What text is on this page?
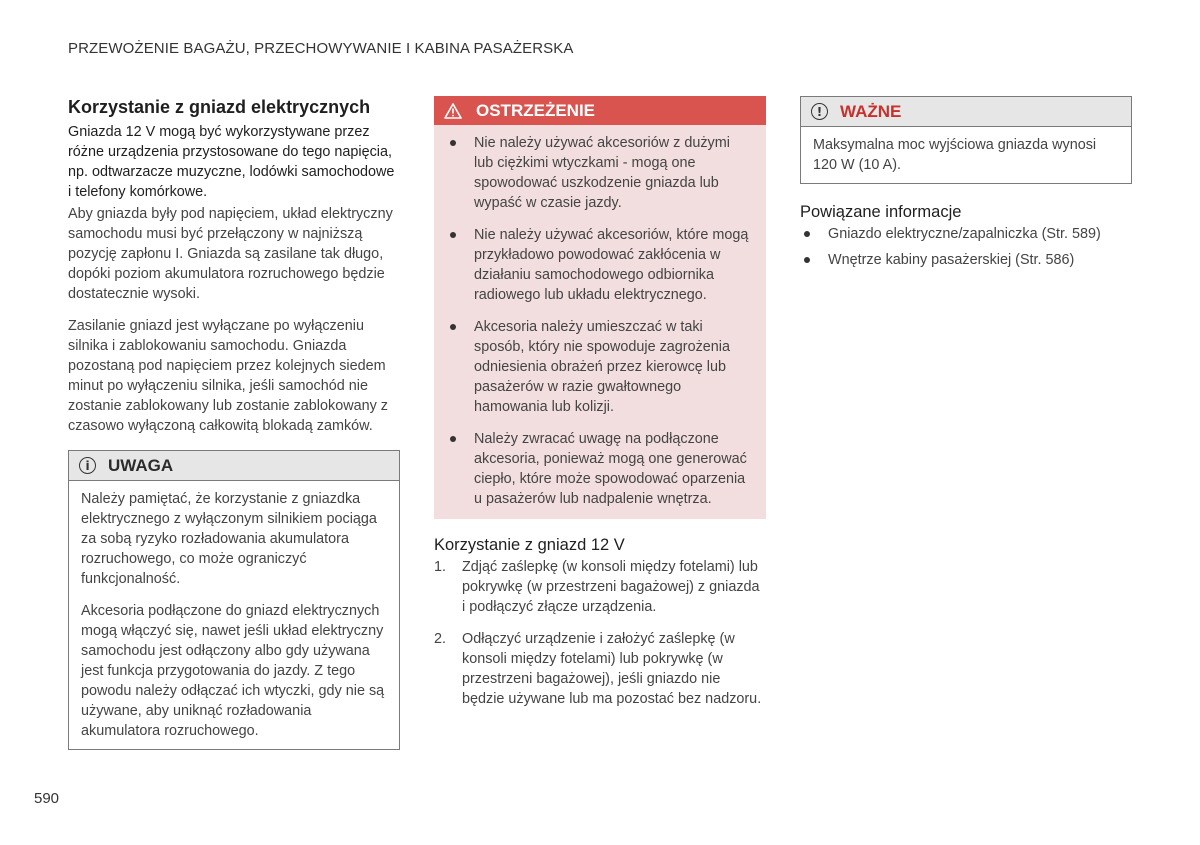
PRZEWOŻENIE BAGAŻU, PRZECHOWYWANIE I KABINA PASAŻERSKA
Korzystanie z gniazd elektrycznych

Gniazda 12 V mogą być wykorzystywane przez różne urządzenia przystosowane do tego napięcia, np. odtwarzacze muzyczne, lodówki samochodowe i telefony komórkowe.

Aby gniazda były pod napięciem, układ elektryczny samochodu musi być przełączony w najniższą pozycję zapłonu I. Gniazda są zasilane tak długo, dopóki poziom akumulatora rozruchowego będzie dostatecznie wysoki.

Zasilanie gniazd jest wyłączane po wyłączeniu silnika i zablokowaniu samochodu. Gniazda pozostaną pod napięciem przez kolejnych siedem minut po wyłączeniu silnika, jeśli samochód nie zostanie zablokowany lub zostanie zablokowany z czasowo wyłączoną całkowitą blokadą zamków.

i	UWAGA

Należy pamiętać, że korzystanie z gniazdka elektrycznego z wyłączonym silnikiem pociąga za sobą ryzyko rozładowania akumulatora rozruchowego, co może ograniczyć funkcjonalność.

Akcesoria podłączone do gniazd elektrycznych mogą włączyć się, nawet jeśli układ elektryczny samochodu jest odłączony albo gdy używana jest funkcja przygotowania do jazdy. Z tego powodu należy odłączać ich wtyczki, gdy nie są używane, aby uniknąć rozładowania akumulatora rozruchowego.

OSTRZEŻENIE
Nie należy używać akcesoriów z dużymi lub ciężkimi wtyczkami - mogą one spowodować uszkodzenie gniazda lub wypaść w czasie jazdy.
Nie należy używać akcesoriów, które mogą przykładowo powodować zakłócenia w działaniu samochodowego odbiornika radiowego lub układu elektrycznego.
Akcesoria należy umieszczać w taki sposób, który nie spowoduje zagrożenia odniesienia obrażeń przez kierowcę lub pasażerów w razie gwałtownego hamowania lub kolizji.
Należy zwracać uwagę na podłączone akcesoria, ponieważ mogą one generować ciepło, które może spowodować oparzenia u pasażerów lub nadpalenie wnętrza.
Korzystanie z gniazd 12 V
1. Zdjąć zaślepkę (w konsoli między fotelami) lub pokrywkę (w przestrzeni bagażowej) z gniazda i podłączyć złącze urządzenia.
2. Odłączyć urządzenie i założyć zaślepkę (w konsoli między fotelami) lub pokrywkę (w przestrzeni bagażowej), jeśli gniazdo nie będzie używane lub ma pozostać bez nadzoru.
!	WAŻNE

Maksymalna moc wyjściowa gniazda wynosi 120 W (10 A).

Powiązane informacje
Gniazdo elektryczne/zapalniczka (Str. 589)
Wnętrze kabiny pasażerskiej (Str. 586)
590
